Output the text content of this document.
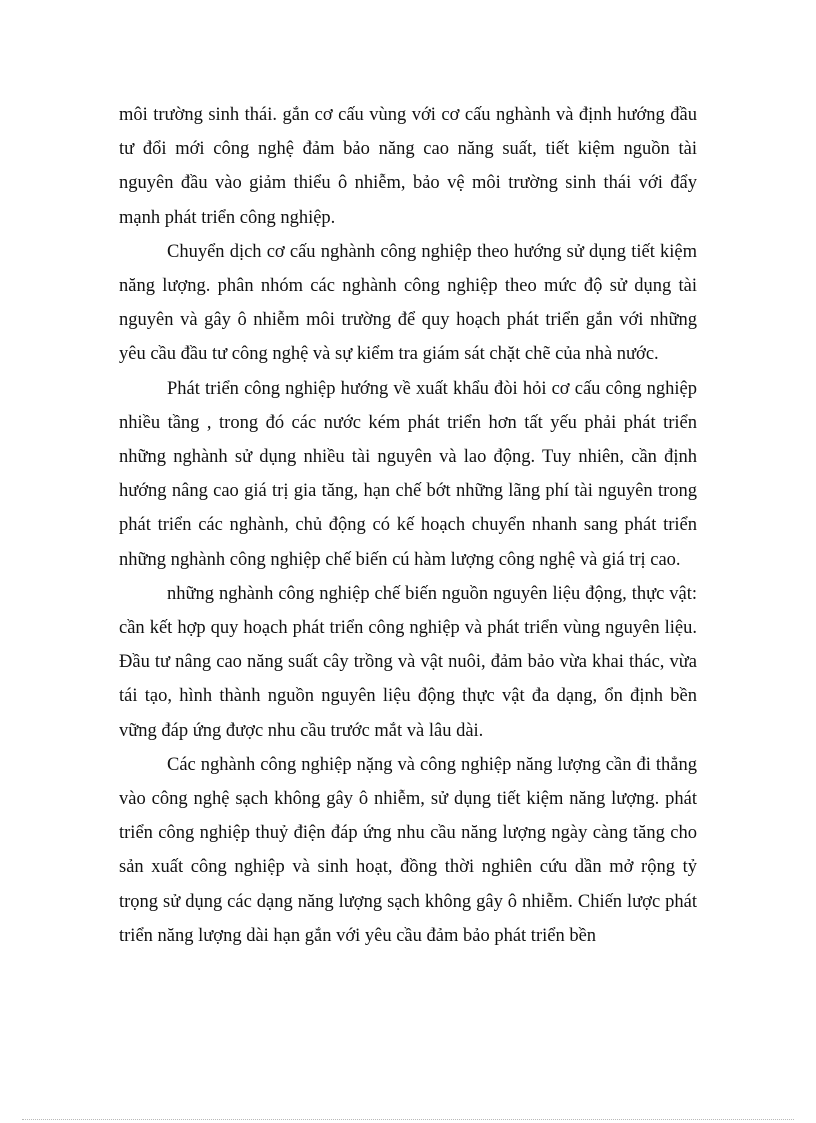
môi trường sinh thái. gắn cơ cấu vùng với cơ cấu nghành và định hướng đầu tư đổi mới công nghệ đảm bảo năng cao năng suất, tiết kiệm nguồn tài nguyên đầu vào giảm thiểu ô nhiễm, bảo vệ môi trường sinh thái với đẩy mạnh phát triển công nghiệp.

Chuyển dịch cơ cấu nghành công nghiệp theo hướng sử dụng tiết kiệm năng lượng. phân nhóm các nghành công nghiệp theo mức độ sử dụng tài nguyên và gây ô nhiễm môi trường để quy hoạch phát triển gắn với những yêu cầu đầu tư công nghệ và sự kiểm tra giám sát chặt chẽ của nhà nước.

Phát triển công nghiệp hướng về xuất khẩu đòi hỏi cơ cấu công nghiệp nhiều tầng , trong đó các nước kém phát triển hơn tất yếu phải phát triển những nghành sử dụng nhiều tài nguyên và lao động. Tuy nhiên, cần định hướng nâng cao giá trị gia tăng, hạn chế bớt những lãng phí tài nguyên trong phát triển các nghành, chủ động có kế hoạch chuyển nhanh sang phát triển những nghành công nghiệp chế biến cú hàm lượng công nghệ và giá trị cao.

những nghành công nghiệp chế biến nguồn nguyên liệu động, thực vật: cần kết hợp quy hoạch phát triển công nghiệp và phát triển vùng nguyên liệu. Đầu tư nâng cao năng suất cây trồng và vật nuôi, đảm bảo vừa khai thác, vừa tái tạo, hình thành nguồn nguyên liệu động thực vật đa dạng, ổn định bền vững đáp ứng được nhu cầu trước mắt và lâu dài.

Các nghành công nghiệp nặng và công nghiệp năng lượng cần đi thẳng vào công nghệ sạch không gây ô nhiễm, sử dụng tiết kiệm năng lượng. phát triển công nghiệp thuỷ điện đáp ứng nhu cầu năng lượng ngày càng tăng cho sản xuất công nghiệp và sinh hoạt, đồng thời nghiên cứu dần mở rộng tỷ trọng sử dụng các dạng năng lượng sạch không gây ô nhiễm. Chiến lược phát triển năng lượng dài hạn gắn với yêu cầu đảm bảo phát triển bền
